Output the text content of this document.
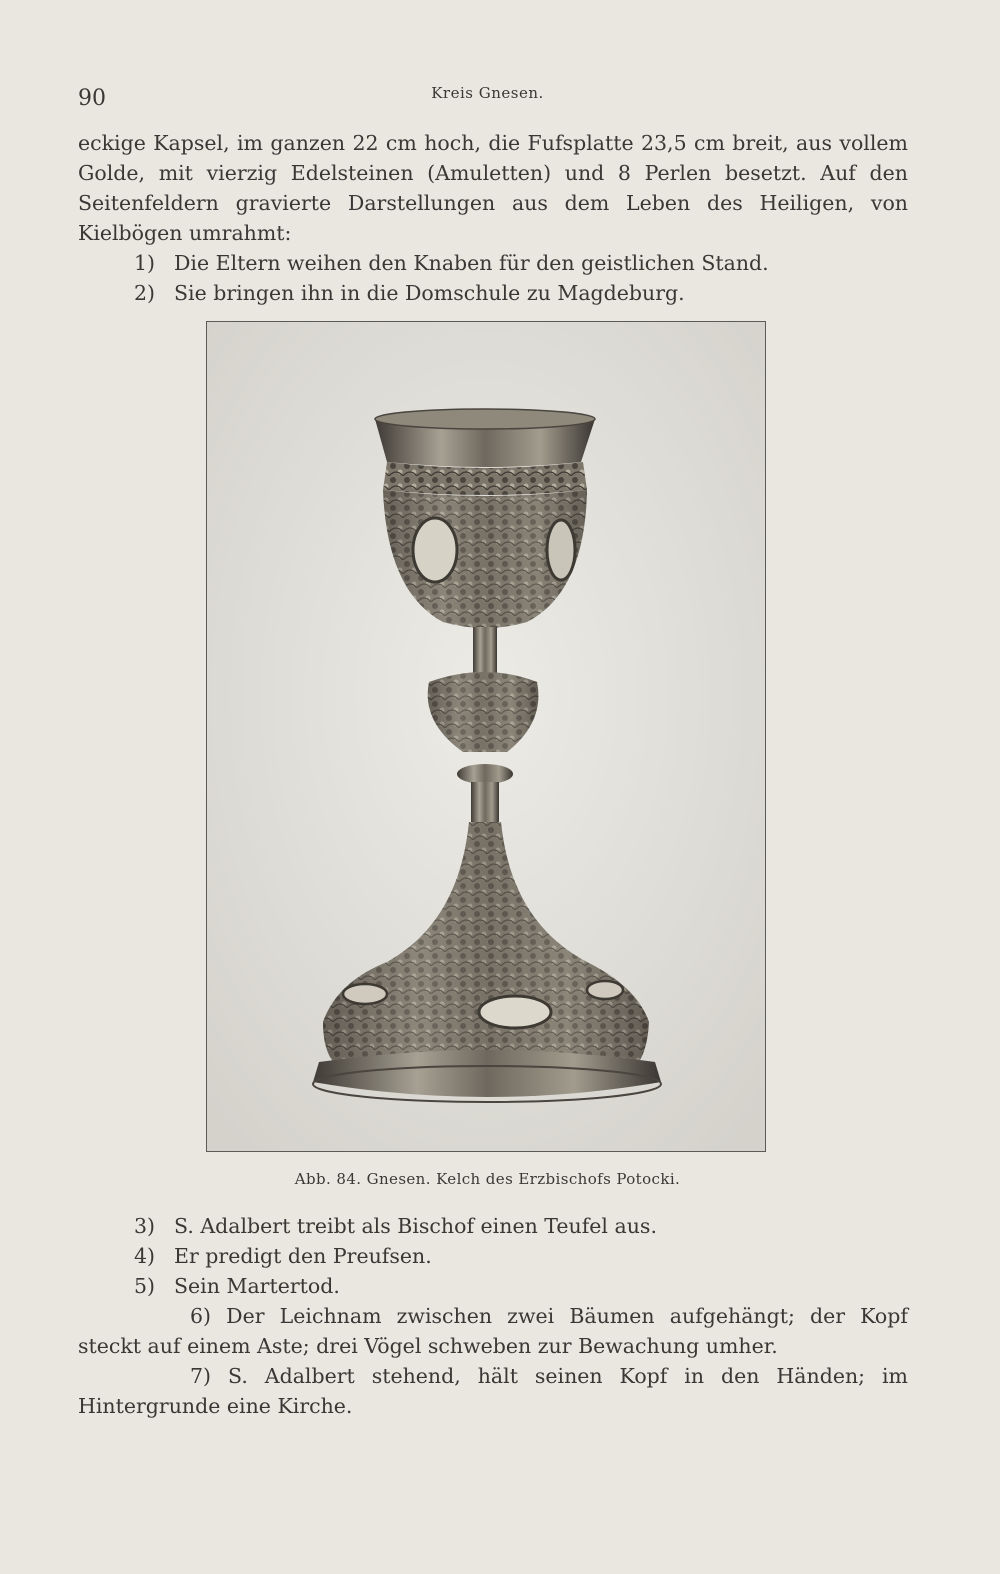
90	Kreis Gnesen.

eckige Kapsel, im ganzen 22 cm hoch, die Fufsplatte 23,5 cm breit, aus vollem Golde, mit vierzig Edelsteinen (Amuletten) und 8 Perlen besetzt. Auf den Seitenfeldern gravierte Darstellungen aus dem Leben des Heiligen, von Kielbögen umrahmt:

1) Die Eltern weihen den Knaben für den geistlichen Stand.

2) Sie bringen ihn in die Domschule zu Magdeburg.

Abb. 84. Gnesen. Kelch des Erzbischofs Potocki.

3) S. Adalbert treibt als Bischof einen Teufel aus.

4) Er predigt den Preufsen.

5) Sein Martertod.

6) Der Leichnam zwischen zwei Bäumen aufgehängt; der Kopf steckt auf einem Aste; drei Vögel schweben zur Bewachung umher.

7) S. Adalbert stehend, hält seinen Kopf in den Händen; im Hintergrunde eine Kirche.
